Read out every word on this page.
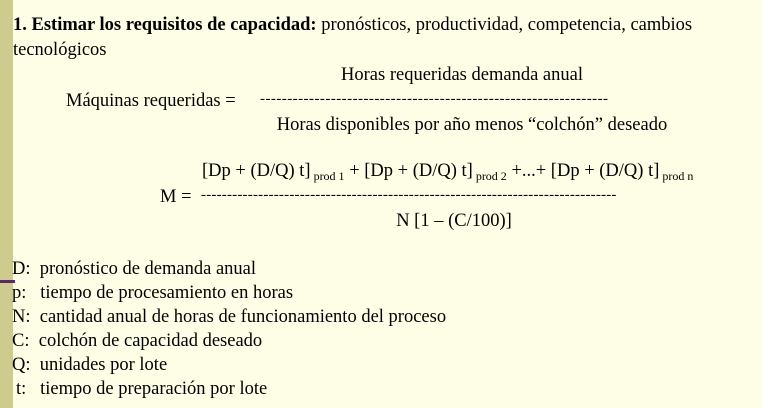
1. Estimar los requisitos de capacidad: pronósticos, productividad, competencia, cambios
tecnológicos
Horas requeridas demanda anual
Máquinas requeridas = ----------------------------------------------------------------
Horas disponibles por año menos “colchón” deseado
[Dp + (D/Q) t] $_{prod 1}$ + [Dp + (D/Q) t] $_{prod 2}$ +...+ [Dp + (D/Q) t] $_{prod n}$
M = --------------------------------------------------------------------------------
N [1 – (C/100)]
D: pronóstico de demanda anual
p: tiempo de procesamiento en horas
N: cantidad anual de horas de funcionamiento del proceso
C: colchón de capacidad deseado
Q: unidades por lote
t: tiempo de preparación por lote
